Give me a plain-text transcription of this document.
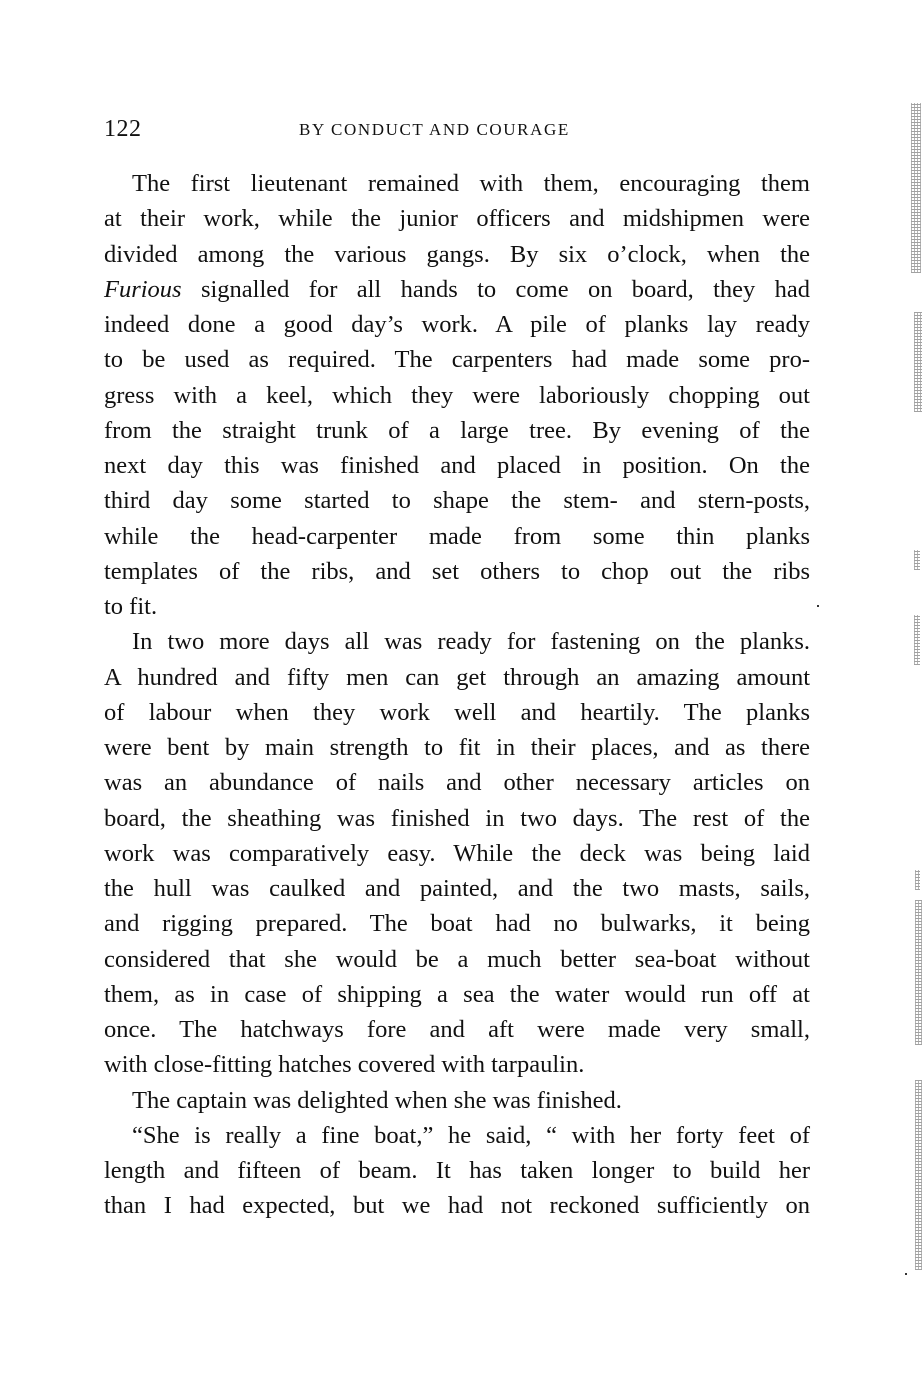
122	BY CONDUCT AND COURAGE
The first lieutenant remained with them, encouraging them
at their work, while the junior officers and midshipmen were
divided among the various gangs. By six o’clock, when the
Furious signalled for all hands to come on board, they had
indeed done a good day’s work. A pile of planks lay ready
to be used as required. The carpenters had made some pro-
gress with a keel, which they were laboriously chopping out
from the straight trunk of a large tree. By evening of the
next day this was finished and placed in position. On the
third day some started to shape the stem- and stern-posts,
while the head-carpenter made from some thin planks
templates of the ribs, and set others to chop out the ribs
to fit.
In two more days all was ready for fastening on the planks.
A hundred and fifty men can get through an amazing amount
of labour when they work well and heartily. The planks
were bent by main strength to fit in their places, and as there
was an abundance of nails and other necessary articles on
board, the sheathing was finished in two days. The rest of the
work was comparatively easy. While the deck was being laid
the hull was caulked and painted, and the two masts, sails,
and rigging prepared. The boat had no bulwarks, it being
considered that she would be a much better sea-boat without
them, as in case of shipping a sea the water would run off at
once. The hatchways fore and aft were made very small,
with close-fitting hatches covered with tarpaulin.
The captain was delighted when she was finished.
“She is really a fine boat,” he said, “ with her forty feet of
length and fifteen of beam. It has taken longer to build her
than I had expected, but we had not reckoned sufficiently on
